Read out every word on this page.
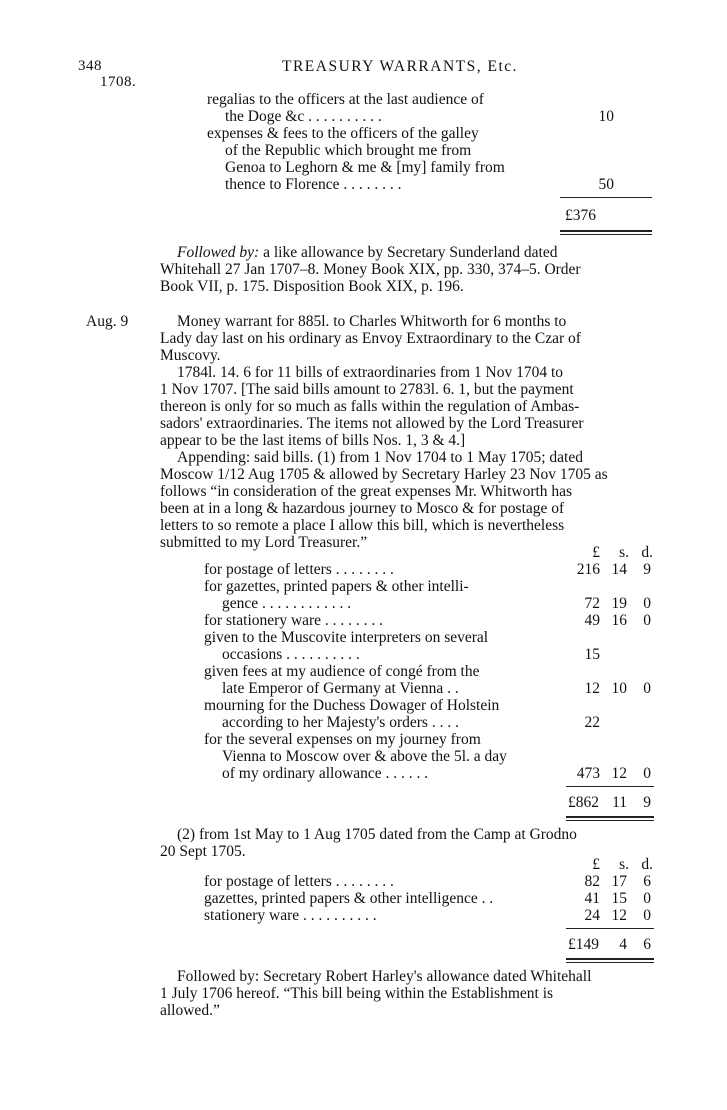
348	TREASURY WARRANTS, Etc.
1708.
regalias to the officers at the last audience of
the Doge &c . . . . . . . . . .	10
expenses & fees to the officers of the galley
of the Republic which brought me from
Genoa to Leghorn & me & [my] family from
thence to Florence . . . . . . . .	50
£376
Followed by: a like allowance by Secretary Sunderland dated
Whitehall 27 Jan 1707–8. Money Book XIX, pp. 330, 374–5. Order
Book VII, p. 175. Disposition Book XIX, p. 196.
Aug. 9	Money warrant for 885l. to Charles Whitworth for 6 months to
Lady day last on his ordinary as Envoy Extraordinary to the Czar of
Muscovy.
1784l. 14. 6 for 11 bills of extraordinaries from 1 Nov 1704 to
1 Nov 1707. [The said bills amount to 2783l. 6. 1, but the payment
thereon is only for so much as falls within the regulation of Ambas-
sadors' extraordinaries. The items not allowed by the Lord Treasurer
appear to be the last items of bills Nos. 1, 3 & 4.]
Appending: said bills. (1) from 1 Nov 1704 to 1 May 1705; dated
Moscow 1/12 Aug 1705 & allowed by Secretary Harley 23 Nov 1705 as
follows “in consideration of the great expenses Mr. Whitworth has
been at in a long & hazardous journey to Mosco & for postage of
letters to so remote a place I allow this bill, which is nevertheless
submitted to my Lord Treasurer.”
£	s. d.
for postage of letters . . . . . . . .	216 14	9
for gazettes, printed papers & other intelli-
gence . . . . . . . . . . . .	72 19	0
for stationery ware . . . . . . . .	49 16	0
given to the Muscovite interpreters on several
occasions . . . . . . . . . .	15
given fees at my audience of congé from the
late Emperor of Germany at Vienna . .	12 10	0
mourning for the Duchess Dowager of Holstein
according to her Majesty's orders . . . .	22
for the several expenses on my journey from
Vienna to Moscow over & above the 5l. a day
of my ordinary allowance . . . . . .	473 12	0
£862 11	9
(2) from 1st May to 1 Aug 1705 dated from the Camp at Grodno
20 Sept 1705.
£	s. d.
for postage of letters . . . . . . . .	82 17	6
gazettes, printed papers & other intelligence . .	41 15	0
stationery ware . . . . . . . . . .	24 12	0
£149	4	6
Followed by: Secretary Robert Harley's allowance dated Whitehall
1 July 1706 hereof. “This bill being within the Establishment is
allowed.”
